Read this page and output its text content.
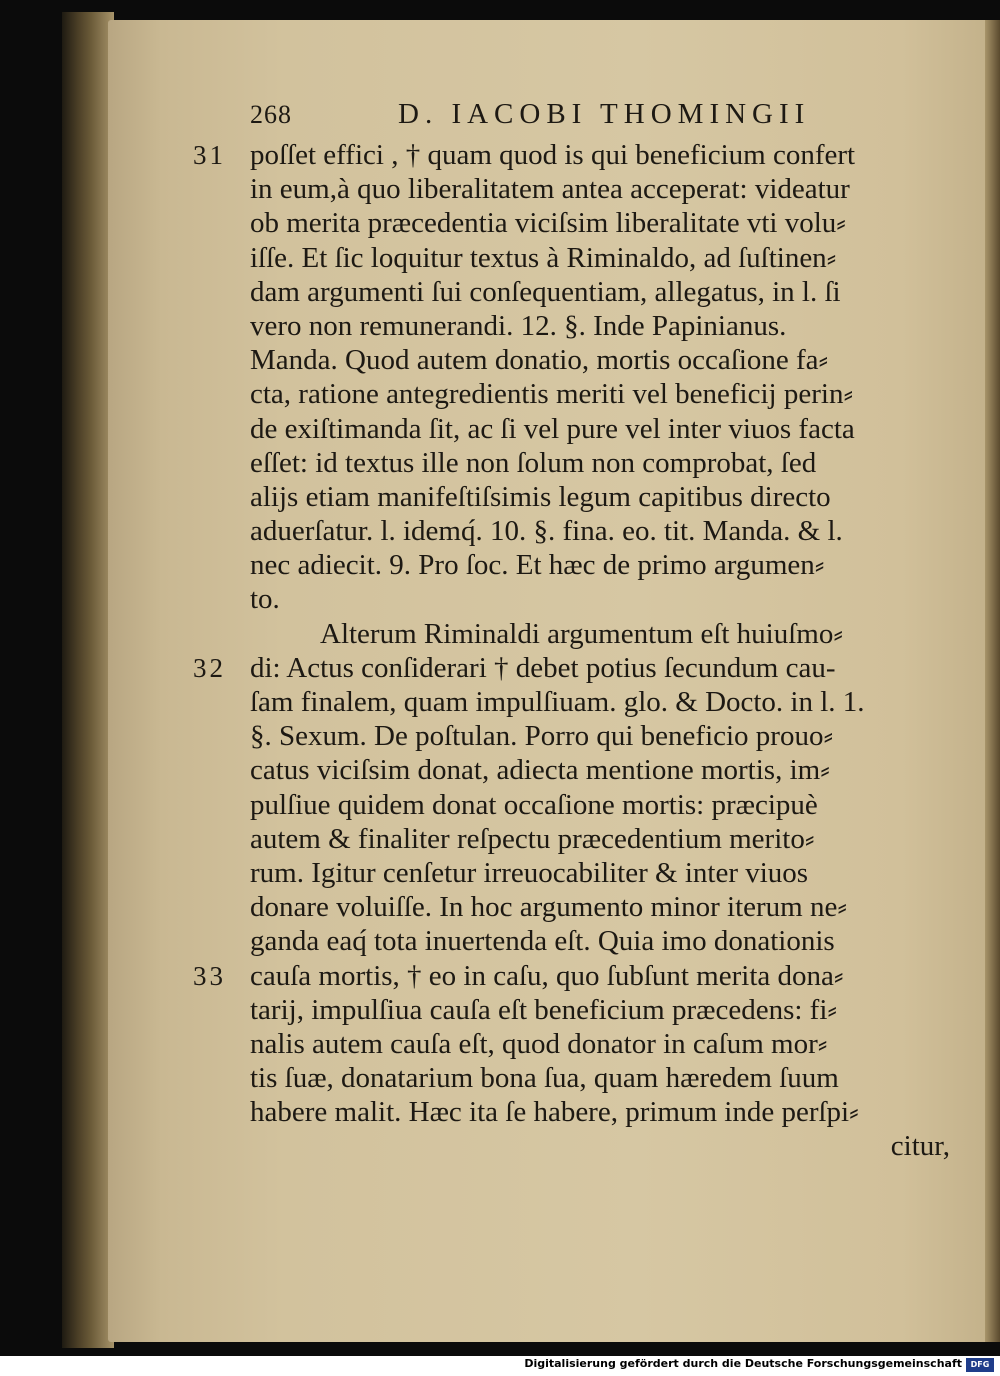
268	D. IACOBI THOMINGII
31 poſſet effici , † quam quod is qui beneficium confert
in eum,à quo liberalitatem antea acceperat: videatur
ob merita præcedentia viciſsim liberalitate vti volu⸗
iſſe. Et ſic loquitur textus à Riminaldo, ad ſuſtinen⸗
dam argumenti ſui conſequentiam, allegatus, in l. ſi
vero non remunerandi. 12. §. Inde Papinianus.
Manda. Quod autem donatio, mortis occaſione fa⸗
cta, ratione antegredientis meriti vel beneficij perin⸗
de exiſtimanda ſit, ac ſi vel pure vel inter viuos facta
eſſet: id textus ille non ſolum non comprobat, ſed
alijs etiam manifeſtiſsimis legum capitibus directo
aduerſatur. l. idemq́. 10. §. fina. eo. tit. Manda. & l.
nec adiecit. 9. Pro ſoc. Et hæc de primo argumen⸗
to.
Alterum Riminaldi argumentum eſt huiuſmo⸗
32 di: Actus conſiderari † debet potius ſecundum cau-
ſam finalem, quam impulſiuam. glo. & Docto. in l. 1.
§. Sexum. De poſtulan. Porro qui beneficio prouo⸗
catus viciſsim donat, adiecta mentione mortis, im⸗
pulſiue quidem donat occaſione mortis: præcipuè
autem & finaliter reſpectu præcedentium merito⸗
rum. Igitur cenſetur irreuocabiliter & inter viuos
donare voluiſſe. In hoc argumento minor iterum ne⸗
ganda eaq́ tota inuertenda eſt. Quia imo donationis
33 cauſa mortis, † eo in caſu, quo ſubſunt merita dona⸗
tarij, impulſiua cauſa eſt beneficium præcedens: fi⸗
nalis autem cauſa eſt, quod donator in caſum mor⸗
tis ſuæ, donatarium bona ſua, quam hæredem ſuum
habere malit. Hæc ita ſe habere, primum inde perſpi⸗
citur,
Digitalisierung gefördert durch die Deutsche Forschungsgemeinschaft	DFG
